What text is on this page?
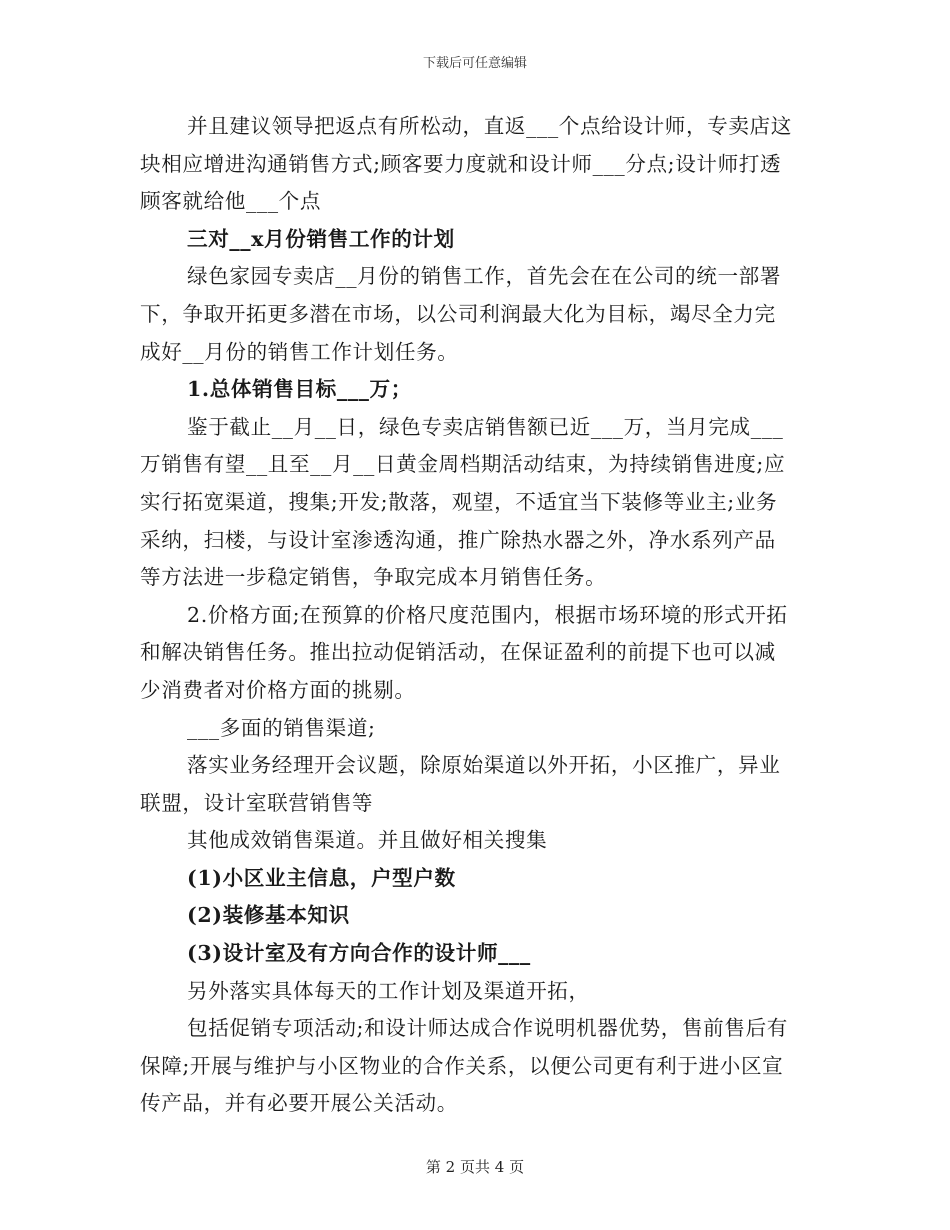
下载后可任意编辑
并且建议领导把返点有所松动，直返___个点给设计师，专卖店这
块相应增进沟通销售方式;顾客要力度就和设计师___分点;设计师打透
顾客就给他___个点
三对__x月份销售工作的计划
绿色家园专卖店__月份的销售工作，首先会在在公司的统一部署
下，争取开拓更多潜在市场，以公司利润最大化为目标，竭尽全力完
成好__月份的销售工作计划任务。
1.总体销售目标___万；
鉴于截止__月__日，绿色专卖店销售额已近___万，当月完成___
万销售有望__且至__月__日黄金周档期活动结束，为持续销售进度;应
实行拓宽渠道，搜集;开发;散落，观望，不适宜当下装修等业主;业务
采纳，扫楼，与设计室渗透沟通，推广除热水器之外，净水系列产品
等方法进一步稳定销售，争取完成本月销售任务。
2.价格方面;在预算的价格尺度范围内，根据市场环境的形式开拓
和解决销售任务。推出拉动促销活动，在保证盈利的前提下也可以减
少消费者对价格方面的挑剔。
___多面的销售渠道;
落实业务经理开会议题，除原始渠道以外开拓，小区推广，异业
联盟，设计室联营销售等
其他成效销售渠道。并且做好相关搜集
(1)小区业主信息，户型户数
(2)装修基本知识
(3)设计室及有方向合作的设计师___
另外落实具体每天的工作计划及渠道开拓，
包括促销专项活动;和设计师达成合作说明机器优势，售前售后有
保障;开展与维护与小区物业的合作关系，以便公司更有利于进小区宣
传产品，并有必要开展公关活动。
第 2 页共 4 页
